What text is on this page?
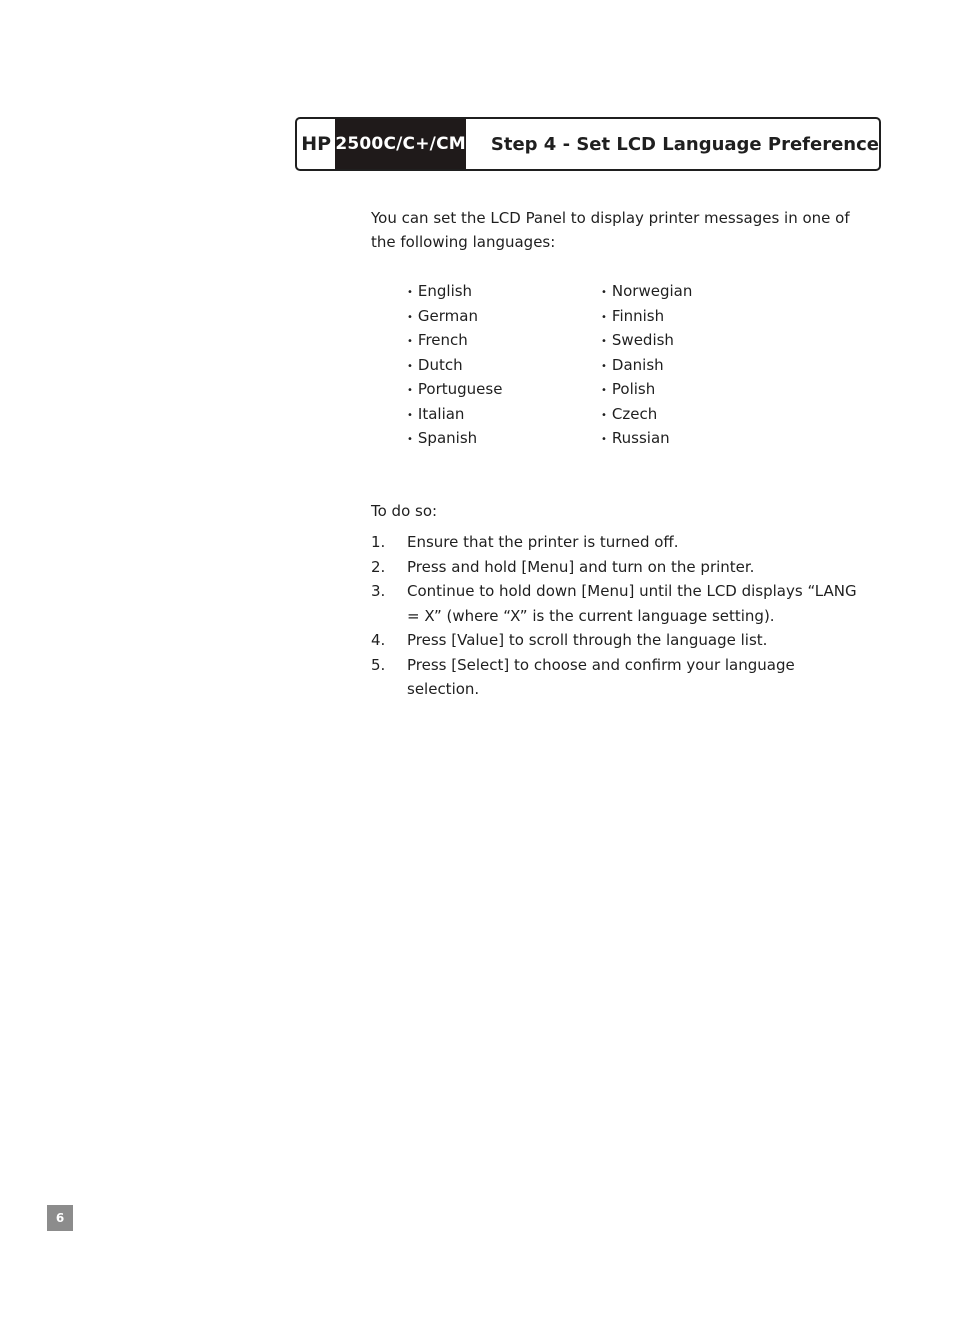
HP 2500C/C+/CM	Step 4 - Set LCD Language Preference

You can set the LCD Panel to display printer messages in one of the following languages:

• English
• German
• French
• Dutch
• Portuguese
• Italian
• Spanish
• Norwegian
• Finnish
• Swedish
• Danish
• Polish
• Czech
• Russian

To do so:

1.	Ensure that the printer is turned off.
2.	Press and hold [Menu] and turn on the printer.
3.	Continue to hold down [Menu] until the LCD displays “LANG = X” (where “X” is the current language setting).
4.	Press [Value] to scroll through the language list.
5.	Press [Select] to choose and confirm your language selection.
6
